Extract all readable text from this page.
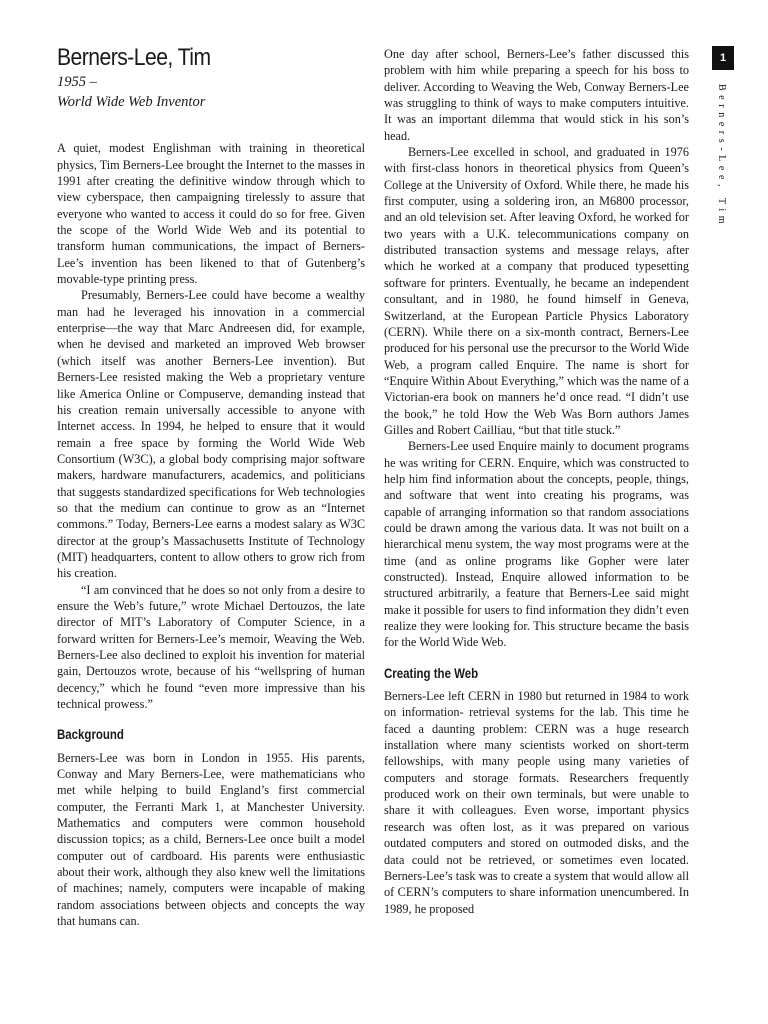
Berners-Lee, Tim

1955 –

World Wide Web Inventor

A quiet, modest Englishman with training in theoretical physics, Tim Berners-Lee brought the Internet to the masses in 1991 after creating the definitive window through which to view cyberspace, then campaigning tirelessly to assure that everyone who wanted to access it could do so for free. Given the scope of the World Wide Web and its potential to transform human communications, the impact of Berners-Lee’s invention has been likened to that of Gutenberg’s movable-type printing press.

Presumably, Berners-Lee could have become a wealthy man had he leveraged his innovation in a commercial enterprise—the way that Marc Andreesen did, for example, when he devised and marketed an improved Web browser (which itself was another Berners-Lee invention). But Berners-Lee resisted making the Web a proprietary venture like America Online or Compuserve, demanding instead that his creation remain universally accessible to anyone with Internet access. In 1994, he helped to ensure that it would remain a free space by forming the World Wide Web Consortium (W3C), a global body comprising major software makers, hardware manufacturers, academics, and politicians that suggests standardized specifications for Web technologies so that the medium can continue to grow as an “Internet commons.” Today, Berners-Lee earns a modest salary as W3C director at the group’s Massachusetts Institute of Technology (MIT) headquarters, content to allow others to grow rich from his creation.

“I am convinced that he does so not only from a desire to ensure the Web’s future,” wrote Michael Dertouzos, the late director of MIT’s Laboratory of Computer Science, in a forward written for Berners-Lee’s memoir, Weaving the Web. Berners-Lee also declined to exploit his invention for material gain, Dertouzos wrote, because of his “wellspring of human decency,” which he found “even more impressive than his technical prowess.”

Background

Berners-Lee was born in London in 1955. His parents, Conway and Mary Berners-Lee, were mathematicians who met while helping to build England’s first commercial computer, the Ferranti Mark 1, at Manchester University. Mathematics and computers were common household discussion topics; as a child, Berners-Lee once built a model computer out of cardboard. His parents were enthusiastic about their work, although they also knew well the limitations of machines; namely, computers were incapable of making random associations between objects and concepts the way that humans can.

One day after school, Berners-Lee’s father discussed this problem with him while preparing a speech for his boss to deliver. According to Weaving the Web, Conway Berners-Lee was struggling to think of ways to make computers intuitive. It was an important dilemma that would stick in his son’s head.

Berners-Lee excelled in school, and graduated in 1976 with first-class honors in theoretical physics from Queen’s College at the University of Oxford. While there, he made his first computer, using a soldering iron, an M6800 processor, and an old television set. After leaving Oxford, he worked for two years with a U.K. telecommunications company on distributed transaction systems and message relays, after which he worked at a company that produced typesetting software for printers. Eventually, he became an independent consultant, and in 1980, he found himself in Geneva, Switzerland, at the European Particle Physics Laboratory (CERN). While there on a six-month contract, Berners-Lee produced for his personal use the precursor to the World Wide Web, a program called Enquire. The name is short for “Enquire Within About Everything,” which was the name of a Victorian-era book on manners he’d once read. “I didn’t use the book,” he told How the Web Was Born authors James Gilles and Robert Cailliau, “but that title stuck.”

Berners-Lee used Enquire mainly to document programs he was writing for CERN. Enquire, which was constructed to help him find information about the concepts, people, things, and software that went into creating his programs, was capable of arranging information so that random associations could be drawn among the various data. It was not built on a hierarchical menu system, the way most programs were at the time (and as online programs like Gopher were later constructed). Instead, Enquire allowed information to be structured arbitrarily, a feature that Berners-Lee said might make it possible for users to find information they didn’t even realize they were looking for. This structure became the basis for the World Wide Web.

Creating the Web

Berners-Lee left CERN in 1980 but returned in 1984 to work on information- retrieval systems for the lab. This time he faced a daunting problem: CERN was a huge research installation where many scientists worked on short-term fellowships, with many people using many varieties of computers and storage formats. Researchers frequently produced work on their own terminals, but were unable to share it with colleagues. Even worse, important physics research was often lost, as it was prepared on various outdated computers and stored on outmoded disks, and the data could not be retrieved, or sometimes even located. Berners-Lee’s task was to create a system that would allow all of CERN’s computers to share information unencumbered. In 1989, he proposed

1
Berners-Lee, Tim
